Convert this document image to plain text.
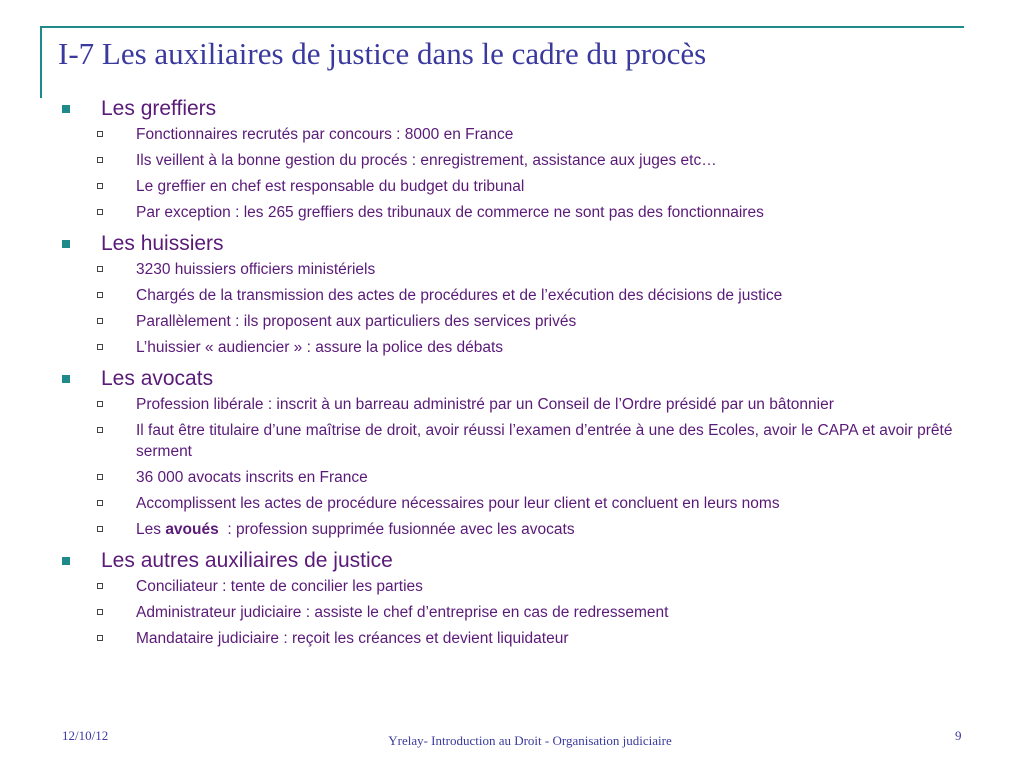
I-7 Les auxiliaires de justice dans le cadre du procès
Les greffiers
Fonctionnaires recrutés par concours : 8000 en France
Ils veillent à la bonne gestion du procés : enregistrement, assistance aux juges etc…
Le greffier en chef est responsable du budget du tribunal
Par exception : les 265 greffiers des tribunaux de commerce ne sont pas des fonctionnaires
Les huissiers
3230 huissiers officiers ministériels
Chargés de la transmission des actes de procédures et de l’exécution des décisions de justice
Parallèlement : ils proposent aux particuliers des services privés
L’huissier « audiencier » : assure la police des débats
Les avocats
Profession libérale : inscrit à un barreau administré par un Conseil de l’Ordre présidé par un bâtonnier
Il faut être titulaire d’une maîtrise de droit, avoir réussi l’examen d’entrée à une des Ecoles, avoir le CAPA et avoir prêté serment
36 000 avocats inscrits en France
Accomplissent les actes de procédure nécessaires pour leur client et concluent en leurs noms
Les avoués  : profession supprimée fusionnée avec les avocats
Les autres auxiliaires de justice
Conciliateur : tente de concilier les parties
Administrateur judiciaire : assiste le chef d’entreprise en cas de redressement
Mandataire judiciaire : reçoit les créances et devient liquidateur
12/10/12	Yrelay- Introduction au Droit - Organisation judiciaire	9
